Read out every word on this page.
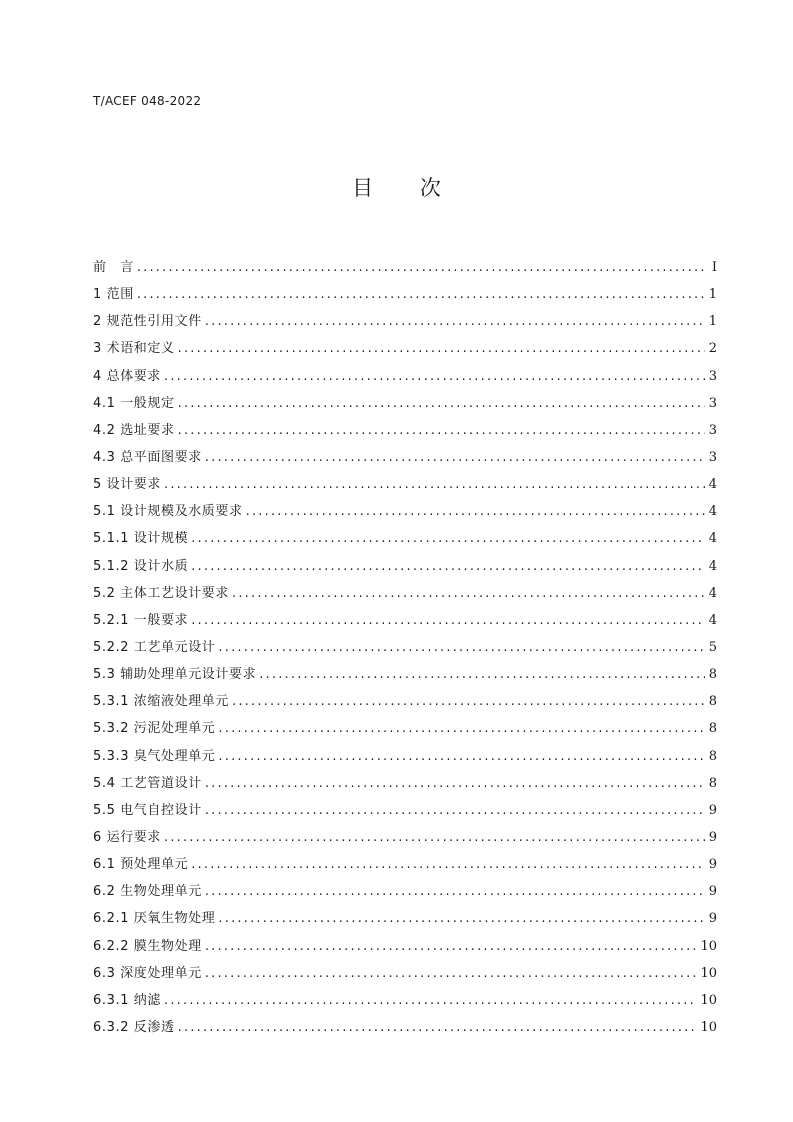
T/ACEF 048-2022
目 次
前　言 .....	I
1 范围 .....	1
2 规范性引用文件 .....	1
3 术语和定义 .....	2
4 总体要求 .....	3
4.1 一般规定 .....	3
4.2 选址要求 .....	3
4.3 总平面图要求 .....	3
5 设计要求 .....	4
5.1 设计规模及水质要求 .....	4
5.1.1 设计规模 .....	4
5.1.2 设计水质 .....	4
5.2 主体工艺设计要求 .....	4
5.2.1 一般要求 .....	4
5.2.2 工艺单元设计 .....	5
5.3 辅助处理单元设计要求 .....	8
5.3.1 浓缩液处理单元 .....	8
5.3.2 污泥处理单元 .....	8
5.3.3 臭气处理单元 .....	8
5.4 工艺管道设计 .....	8
5.5 电气自控设计 .....	9
6 运行要求 .....	9
6.1 预处理单元 .....	9
6.2 生物处理单元 .....	9
6.2.1 厌氧生物处理 .....	9
6.2.2 膜生物处理 .....	10
6.3 深度处理单元 .....	10
6.3.1 纳滤 .....	10
6.3.2 反渗透 .....	10
